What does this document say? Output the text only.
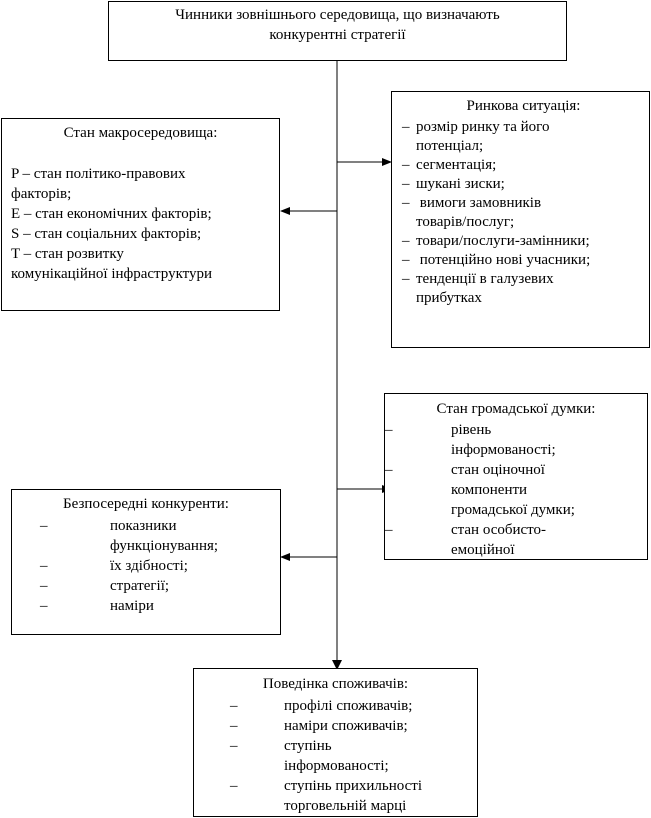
Чинники зовнішнього середовища, що визначають
конкурентні стратегії
Стан макросередовища:
P – стан політико-правових
факторів;
E – стан економічних факторів;
S – стан соціальних факторів;
T – стан розвитку
комунікаційної інфраструктури
Ринкова ситуація:
– розмір ринку та його
потенціал;
– сегментація;
– шукані зиски;
– вимоги замовників
товарів/послуг;
– товари/послуги-замінники;
– потенційно нові учасники;
– тенденції в галузевих
прибутках
Стан громадської думки:
–	рівень
інформованості;
–	стан оціночної
компоненти
громадської думки;
–	стан особисто-
емоційної
Безпосередні конкуренти:
–	показники
функціонування;
–	їх здібності;
–	стратегії;
–	наміри
Поведінка споживачів:
–	профілі споживачів;
–	наміри споживачів;
–	ступінь
інформованості;
–	ступінь прихильності
торговельній марці
